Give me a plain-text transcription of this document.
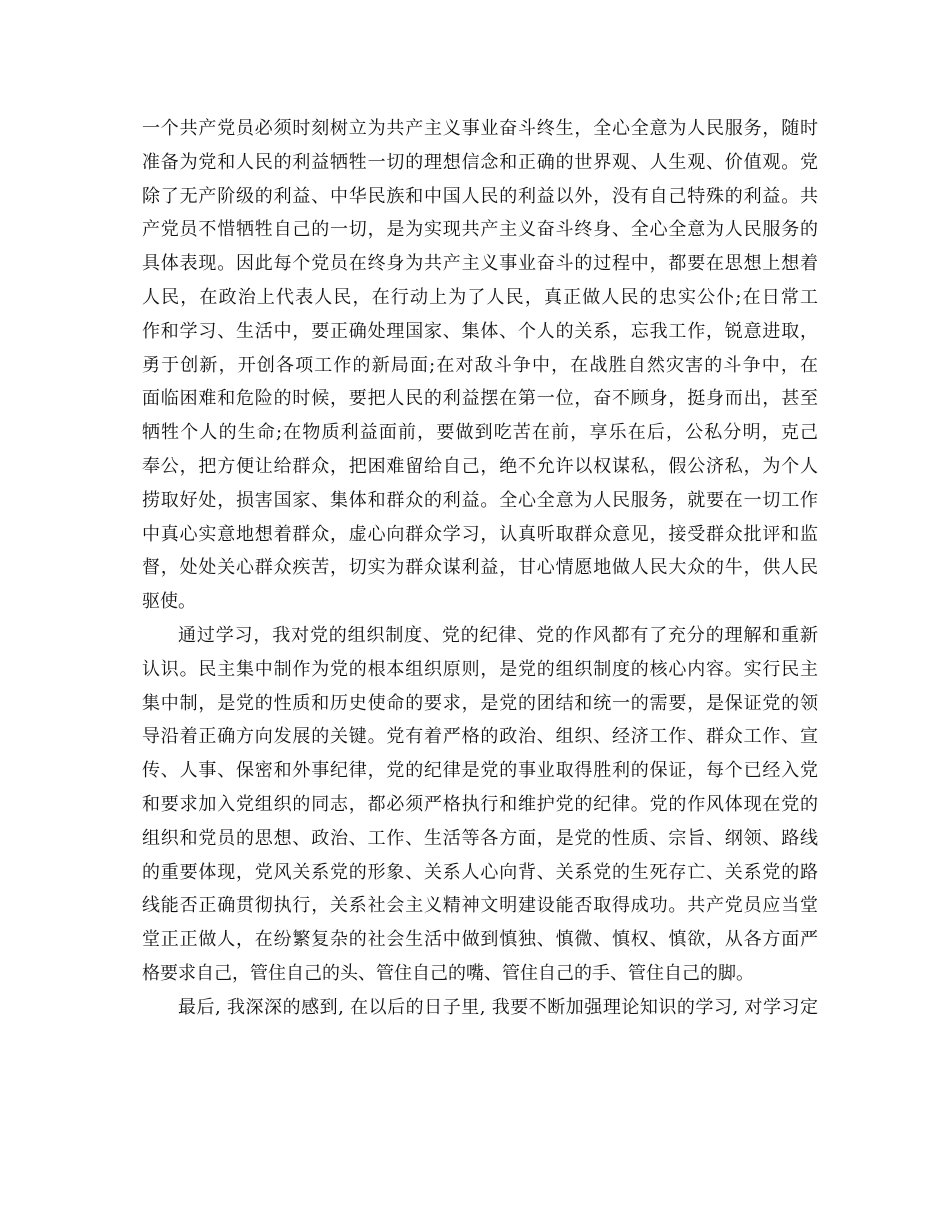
一个共产党员必须时刻树立为共产主义事业奋斗终生，全心全意为人民服务，随时
准备为党和人民的利益牺牲一切的理想信念和正确的世界观、人生观、价值观。党
除了无产阶级的利益、中华民族和中国人民的利益以外，没有自己特殊的利益。共
产党员不惜牺牲自己的一切，是为实现共产主义奋斗终身、全心全意为人民服务的
具体表现。因此每个党员在终身为共产主义事业奋斗的过程中，都要在思想上想着
人民，在政治上代表人民，在行动上为了人民，真正做人民的忠实公仆;在日常工
作和学习、生活中，要正确处理国家、集体、个人的关系，忘我工作，锐意进取，
勇于创新，开创各项工作的新局面;在对敌斗争中，在战胜自然灾害的斗争中，在
面临困难和危险的时候，要把人民的利益摆在第一位，奋不顾身，挺身而出，甚至
牺牲个人的生命;在物质利益面前，要做到吃苦在前，享乐在后，公私分明，克己
奉公，把方便让给群众，把困难留给自己，绝不允许以权谋私，假公济私，为个人
捞取好处，损害国家、集体和群众的利益。全心全意为人民服务，就要在一切工作
中真心实意地想着群众，虚心向群众学习，认真听取群众意见，接受群众批评和监
督，处处关心群众疾苦，切实为群众谋利益，甘心情愿地做人民大众的牛，供人民
驱使。
通过学习，我对党的组织制度、党的纪律、党的作风都有了充分的理解和重新
认识。民主集中制作为党的根本组织原则，是党的组织制度的核心内容。实行民主
集中制，是党的性质和历史使命的要求，是党的团结和统一的需要，是保证党的领
导沿着正确方向发展的关键。党有着严格的政治、组织、经济工作、群众工作、宣
传、人事、保密和外事纪律，党的纪律是党的事业取得胜利的保证，每个已经入党
和要求加入党组织的同志，都必须严格执行和维护党的纪律。党的作风体现在党的
组织和党员的思想、政治、工作、生活等各方面，是党的性质、宗旨、纲领、路线
的重要体现，党风关系党的形象、关系人心向背、关系党的生死存亡、关系党的路
线能否正确贯彻执行，关系社会主义精神文明建设能否取得成功。共产党员应当堂
堂正正做人，在纷繁复杂的社会生活中做到慎独、慎微、慎权、慎欲，从各方面严
格要求自己，管住自己的头、管住自己的嘴、管住自己的手、管住自己的脚。
最后, 我深深的感到, 在以后的日子里, 我要不断加强理论知识的学习, 对学习定
